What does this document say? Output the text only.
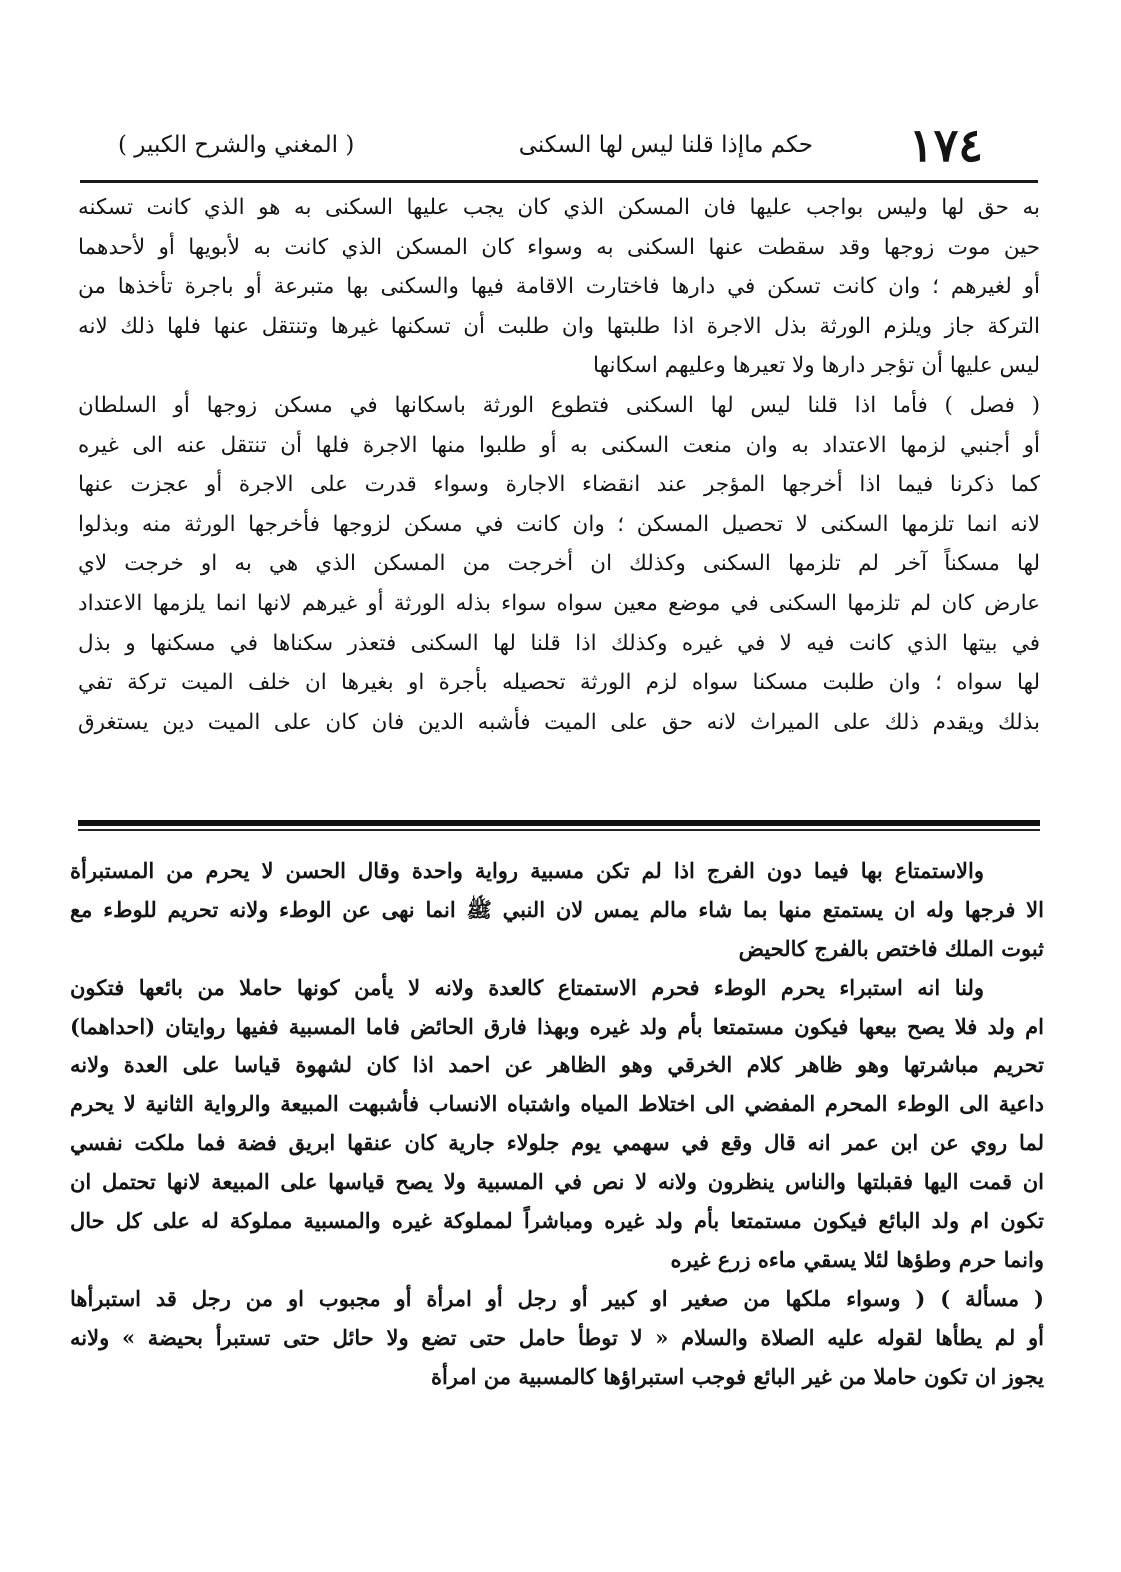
١٧٤
حكم ماإذا قلنا ليس لها السكنى
( المغني والشرح الكبير )
به حق لها وليس بواجب عليها فان المسكن الذي كان يجب عليها السكنى به هو الذي كانت تسكنه
حين موت زوجها وقد سقطت عنها السكنى به وسواء كان المسكن الذي كانت به لأبويها أو لأحدهما
أو لغيرهم ؛ وان كانت تسكن في دارها فاختارت الاقامة فيها والسكنى بها متبرعة أو باجرة تأخذها من
التركة جاز ويلزم الورثة بذل الاجرة اذا طلبتها وان طلبت أن تسكنها غيرها وتنتقل عنها فلها ذلك لانه
ليس عليها أن تؤجر دارها ولا تعيرها وعليهم اسكانها
( فصل ) فأما اذا قلنا ليس لها السكنى فتطوع الورثة باسكانها في مسكن زوجها أو السلطان
أو أجنبي لزمها الاعتداد به وان منعت السكنى به أو طلبوا منها الاجرة فلها أن تنتقل عنه الى غيره
كما ذكرنا فيما اذا أخرجها المؤجر عند انقضاء الاجارة وسواء قدرت على الاجرة أو عجزت عنها
لانه انما تلزمها السكنى لا تحصيل المسكن ؛ وان كانت في مسكن لزوجها فأخرجها الورثة منه وبذلوا
لها مسكناً آخر لم تلزمها السكنى وكذلك ان أخرجت من المسكن الذي هي به او خرجت لاي
عارض كان لم تلزمها السكنى في موضع معين سواه سواء بذله الورثة أو غيرهم لانها انما يلزمها الاعتداد
في بيتها الذي كانت فيه لا في غيره وكذلك اذا قلنا لها السكنى فتعذر سكناها في مسكنها و بذل
لها سواه ؛ وان طلبت مسكنا سواه لزم الورثة تحصيله بأجرة او بغيرها ان خلف الميت تركة تفي
بذلك ويقدم ذلك على الميراث لانه حق على الميت فأشبه الدين فان كان على الميت دين يستغرق
والاستمتاع بها فيما دون الفرج اذا لم تكن مسبية رواية واحدة وقال الحسن لا يحرم من المستبرأة
الا فرجها وله ان يستمتع منها بما شاء مالم يمس لان النبي ﷺ انما نهى عن الوطء ولانه تحريم للوطء مع
ثبوت الملك فاختص بالفرج كالحيض
ولنا انه استبراء يحرم الوطء فحرم الاستمتاع كالعدة ولانه لا يأمن كونها حاملا من بائعها فتكون
ام ولد فلا يصح بيعها فيكون مستمتعا بأم ولد غيره وبهذا فارق الحائض فاما المسبية ففيها روايتان (احداهما)
تحريم مباشرتها وهو ظاهر كلام الخرقي وهو الظاهر عن احمد اذا كان لشهوة قياسا على العدة ولانه
داعية الى الوطء المحرم المفضي الى اختلاط المياه واشتباه الانساب فأشبهت المبيعة والرواية الثانية لا يحرم
لما روي عن ابن عمر انه قال وقع في سهمي يوم جلولاء جارية كان عنقها ابريق فضة فما ملكت نفسي
ان قمت اليها فقبلتها والناس ينظرون ولانه لا نص في المسبية ولا يصح قياسها على المبيعة لانها تحتمل ان
تكون ام ولد البائع فيكون مستمتعا بأم ولد غيره ومباشراً لمملوكة غيره والمسبية مملوكة له على كل حال
وانما حرم وطؤها لئلا يسقي ماءه زرع غيره
( مسألة ) ( وسواء ملكها من صغير او كبير أو رجل أو امرأة أو مجبوب او من رجل قد استبرأها
أو لم يطأها لقوله عليه الصلاة والسلام « لا توطأ حامل حتى تضع ولا حائل حتى تستبرأ بحيضة » ولانه
يجوز ان تكون حاملا من غير البائع فوجب استبراؤها كالمسبية من امرأة
